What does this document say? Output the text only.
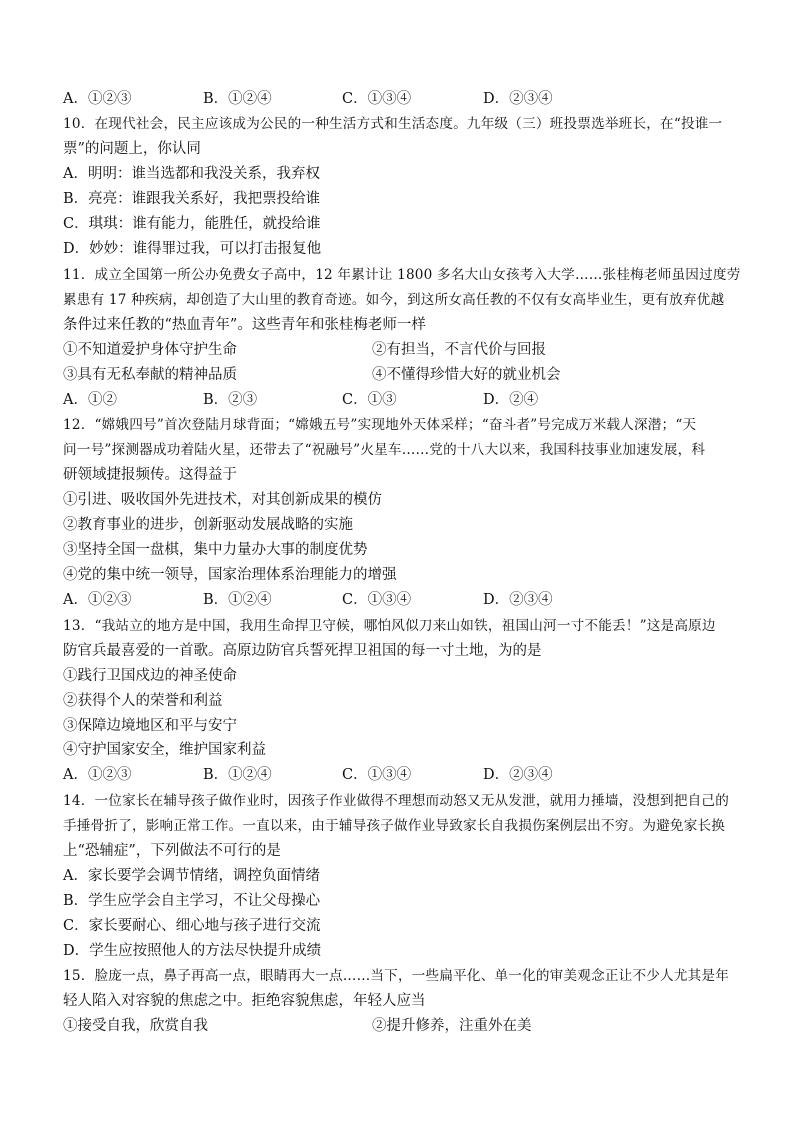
A．①②③	B．①②④	C．①③④	D．②③④
10．在现代社会，民主应该成为公民的一种生活方式和生活态度。九年级（三）班投票选举班长，在“投谁一
票”的问题上，你认同
A．明明：谁当选都和我没关系，我弃权
B．亮亮：谁跟我关系好，我把票投给谁
C．琪琪：谁有能力，能胜任，就投给谁
D．妙妙：谁得罪过我，可以打击报复他
11．成立全国第一所公办免费女子高中，12 年累计让 1800 多名大山女孩考入大学……张桂梅老师虽因过度劳
累患有 17 种疾病，却创造了大山里的教育奇迹。如今，到这所女高任教的不仅有女高毕业生，更有放弃优越
条件过来任教的“热血青年”。这些青年和张桂梅老师一样
①不知道爱护身体守护生命	②有担当，不言代价与回报
③具有无私奉献的精神品质	④不懂得珍惜大好的就业机会
A．①②	B．②③	C．①③	D．②④
12．“嫦娥四号”首次登陆月球背面；“嫦娥五号”实现地外天体采样；“奋斗者”号完成万米载人深潜；“天
问一号”探测器成功着陆火星，还带去了“祝融号”火星车……党的十八大以来，我国科技事业加速发展，科
研领域捷报频传。这得益于
①引进、吸收国外先进技术，对其创新成果的模仿
②教育事业的进步，创新驱动发展战略的实施
③坚持全国一盘棋，集中力量办大事的制度优势
④党的集中统一领导，国家治理体系治理能力的增强
A．①②③	B．①②④	C．①③④	D．②③④
13．“我站立的地方是中国，我用生命捍卫守候，哪怕风似刀来山如铁，祖国山河一寸不能丢！”这是高原边
防官兵最喜爱的一首歌。高原边防官兵誓死捍卫祖国的每一寸土地，为的是
①践行卫国戍边的神圣使命
②获得个人的荣誉和利益
③保障边境地区和平与安宁
④守护国家安全，维护国家利益
A．①②③	B．①②④	C．①③④	D．②③④
14．一位家长在辅导孩子做作业时，因孩子作业做得不理想而动怒又无从发泄，就用力捶墙，没想到把自己的
手捶骨折了，影响正常工作。一直以来，由于辅导孩子做作业导致家长自我损伤案例层出不穷。为避免家长换
上“恐辅症”，下列做法不可行的是
A．家长要学会调节情绪，调控负面情绪
B．学生应学会自主学习，不让父母操心
C．家长要耐心、细心地与孩子进行交流
D．学生应按照他人的方法尽快提升成绩
15．脸庞一点，鼻子再高一点，眼睛再大一点……当下，一些扁平化、单一化的审美观念正让不少人尤其是年
轻人陷入对容貌的焦虑之中。拒绝容貌焦虑，年轻人应当
①接受自我，欣赏自我	②提升修养，注重外在美
